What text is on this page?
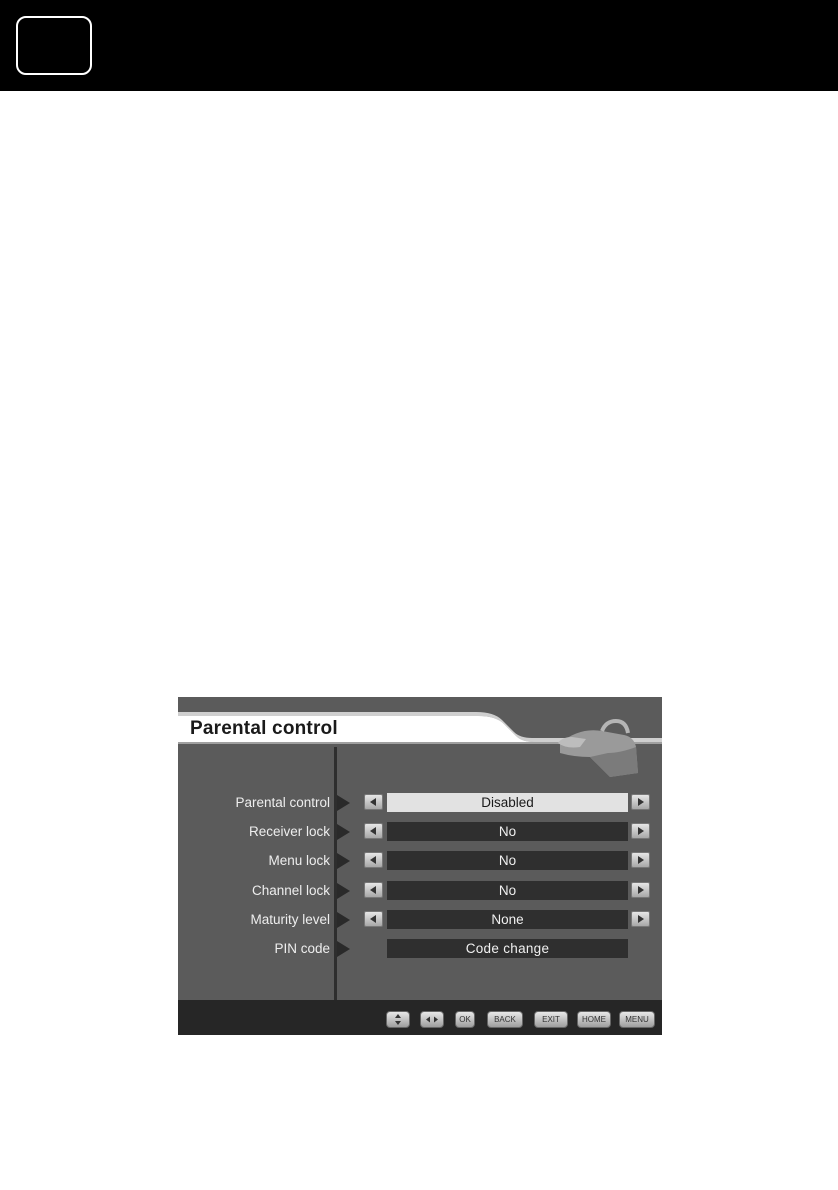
Parental control
Parental control	Disabled
Receiver lock	No
Menu lock	No
Channel lock	No
Maturity level	None
PIN code	Code change
OK	BACK	EXIT	HOME	MENU
